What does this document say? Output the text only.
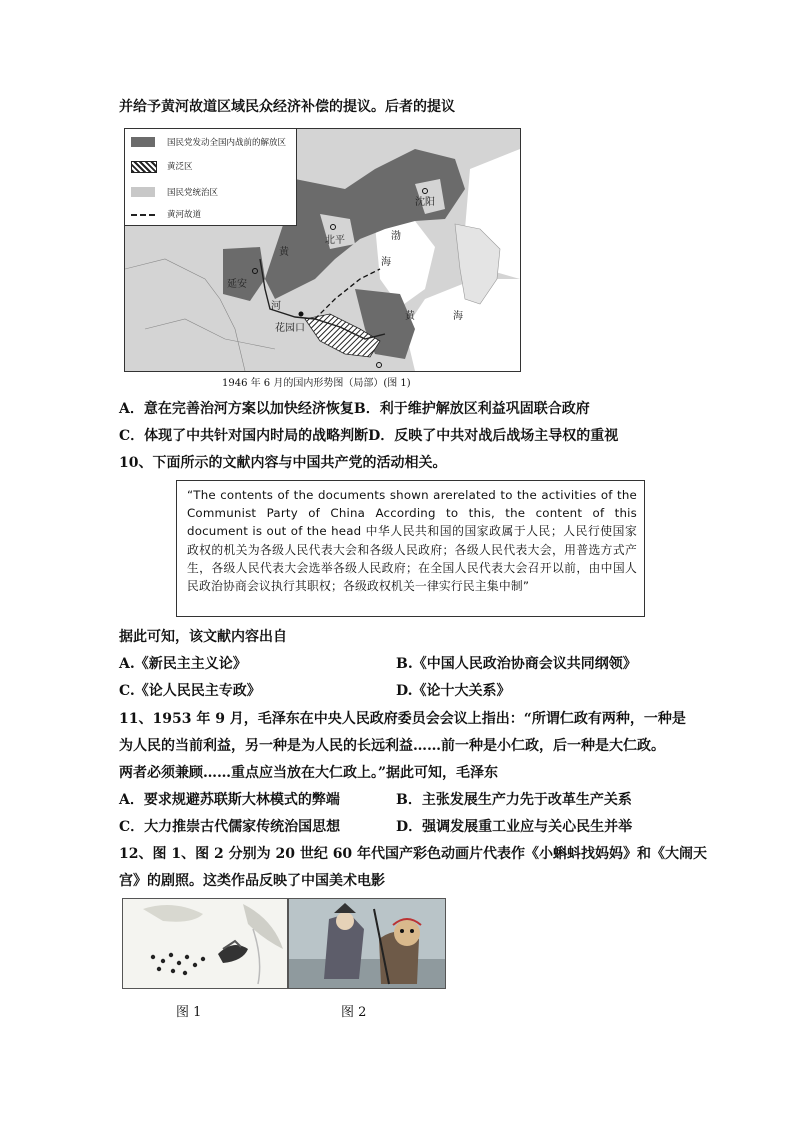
并给予黄河故道区域民众经济补偿的提议。后者的提议
国民党发动全国内战前的解放区
黄泛区
国民党统治区
黄河故道
沈阳
北平	渤
海
黄
延安
河
花园口
黄	海
1946 年 6 月的国内形势图（局部）(图 1)
A．意在完善治河方案以加快经济恢复B．利于维护解放区利益巩固联合政府
C．体现了中共针对国内时局的战略判断D．反映了中共对战后战场主导权的重视
10、下面所示的文献内容与中国共产党的活动相关。
“The contents of the documents shown arerelated to the activities of the Communist Party of China According to this, the content of this document is out of the head 中华人民共和国的国家政属于人民；人民行使国家政权的机关为各级人民代表大会和各级人民政府；各级人民代表大会，用普选方式产生，各级人民代表大会选举各级人民政府；在全国人民代表大会召开以前，由中国人民政治协商会议执行其职权；各级政权机关一律实行民主集中制”
据此可知，该文献内容出自
A.《新民主主义论》	B.《中国人民政治协商会议共同纲领》
C.《论人民民主专政》	D.《论十大关系》
11、1953 年 9 月，毛泽东在中央人民政府委员会会议上指出：“所谓仁政有两种，一种是
为人民的当前利益，另一种是为人民的长远利益……前一种是小仁政，后一种是大仁政。
两者必须兼顾……重点应当放在大仁政上。”据此可知，毛泽东
A．要求规避苏联斯大林模式的弊端	B．主张发展生产力先于改革生产关系
C．大力推崇古代儒家传统治国思想	D．强调发展重工业应与关心民生并举
12、图 1、图 2 分别为 20 世纪 60 年代国产彩色动画片代表作《小蝌蚪找妈妈》和《大闹天
宫》的剧照。这类作品反映了中国美术电影
图 1	图 2
